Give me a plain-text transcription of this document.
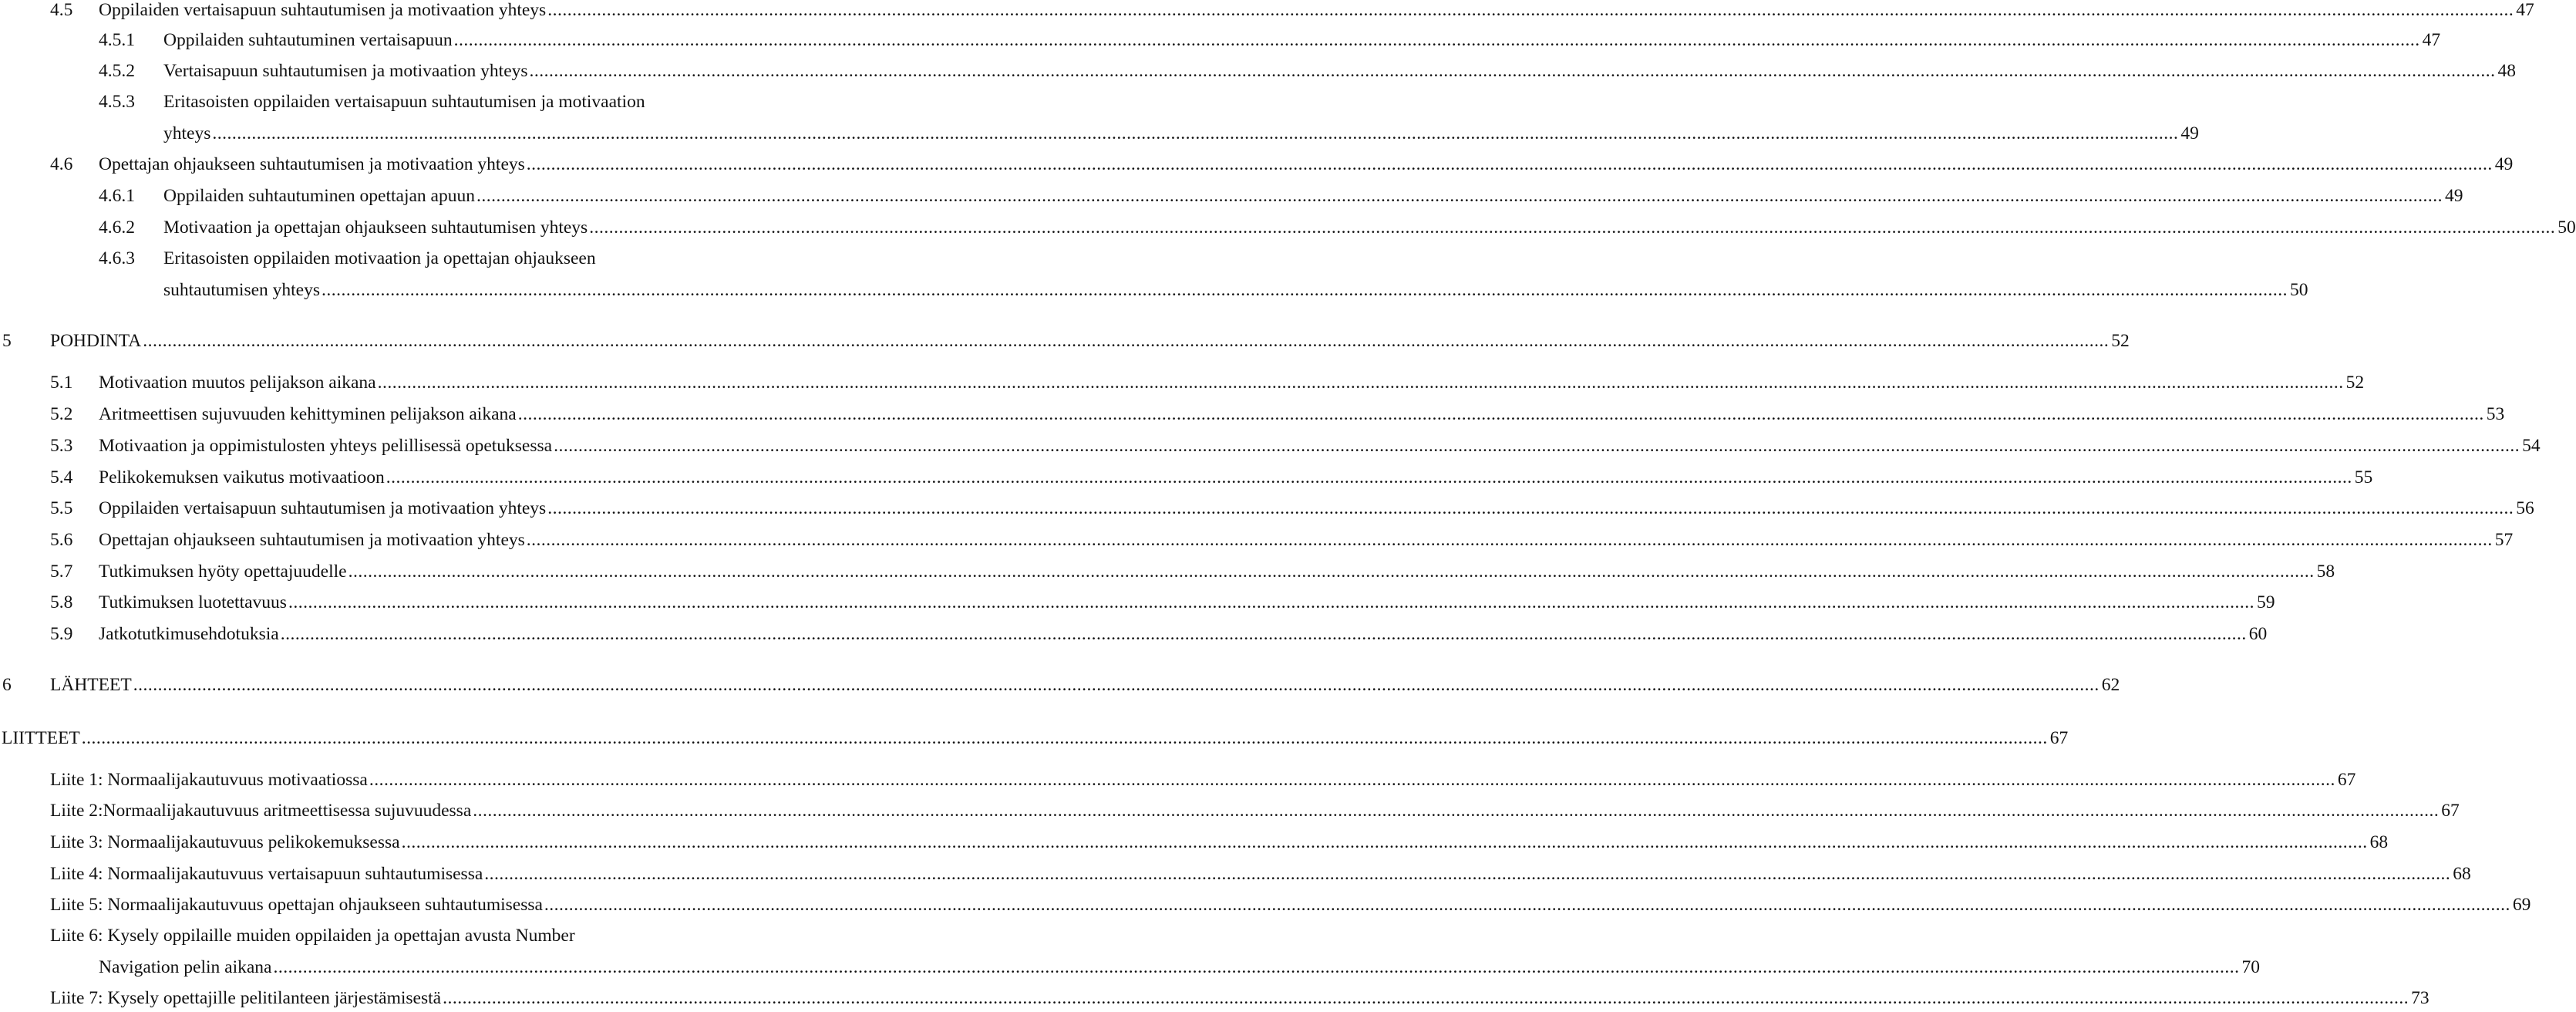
4.5 Oppilaiden vertaisapuun suhtautumisen ja motivaation yhteys ................................................................................................................................................................................................................................................................................................................................................................................................................ 47
4.5.1 Oppilaiden suhtautuminen vertaisapuun ................................................................................................................................................................................................................................................................................................................................................................................................................ 47
4.5.2 Vertaisapuun suhtautumisen ja motivaation yhteys ................................................................................................................................................................................................................................................................................................................................................................................................................ 48
4.5.3 Eritasoisten oppilaiden vertaisapuun suhtautumisen ja motivaation
yhteys ................................................................................................................................................................................................................................................................................................................................................................................................................ 49
4.6 Opettajan ohjaukseen suhtautumisen ja motivaation yhteys ................................................................................................................................................................................................................................................................................................................................................................................................................ 49
4.6.1 Oppilaiden suhtautuminen opettajan apuun ................................................................................................................................................................................................................................................................................................................................................................................................................ 49
4.6.2 Motivaation ja opettajan ohjaukseen suhtautumisen yhteys ................................................................................................................................................................................................................................................................................................................................................................................................................ 50
4.6.3 Eritasoisten oppilaiden motivaation ja opettajan ohjaukseen
suhtautumisen yhteys ................................................................................................................................................................................................................................................................................................................................................................................................................ 50
5 POHDINTA ................................................................................................................................................................................................................................................................................................................................................................................................................ 52
5.1 Motivaation muutos pelijakson aikana ................................................................................................................................................................................................................................................................................................................................................................................................................ 52
5.2 Aritmeettisen sujuvuuden kehittyminen pelijakson aikana ................................................................................................................................................................................................................................................................................................................................................................................................................ 53
5.3 Motivaation ja oppimistulosten yhteys pelillisessä opetuksessa ................................................................................................................................................................................................................................................................................................................................................................................................................ 54
5.4 Pelikokemuksen vaikutus motivaatioon ................................................................................................................................................................................................................................................................................................................................................................................................................ 55
5.5 Oppilaiden vertaisapuun suhtautumisen ja motivaation yhteys ................................................................................................................................................................................................................................................................................................................................................................................................................ 56
5.6 Opettajan ohjaukseen suhtautumisen ja motivaation yhteys ................................................................................................................................................................................................................................................................................................................................................................................................................ 57
5.7 Tutkimuksen hyöty opettajuudelle ................................................................................................................................................................................................................................................................................................................................................................................................................ 58
5.8 Tutkimuksen luotettavuus ................................................................................................................................................................................................................................................................................................................................................................................................................ 59
5.9 Jatkotutkimusehdotuksia ................................................................................................................................................................................................................................................................................................................................................................................................................ 60
6 LÄHTEET ................................................................................................................................................................................................................................................................................................................................................................................................................ 62
LIITTEET ................................................................................................................................................................................................................................................................................................................................................................................................................ 67
Liite 1: Normaalijakautuvuus motivaatiossa ................................................................................................................................................................................................................................................................................................................................................................................................................ 67
Liite 2:Normaalijakautuvuus aritmeettisessa sujuvuudessa ................................................................................................................................................................................................................................................................................................................................................................................................................ 67
Liite 3: Normaalijakautuvuus pelikokemuksessa ................................................................................................................................................................................................................................................................................................................................................................................................................ 68
Liite 4: Normaalijakautuvuus vertaisapuun suhtautumisessa ................................................................................................................................................................................................................................................................................................................................................................................................................ 68
Liite 5: Normaalijakautuvuus opettajan ohjaukseen suhtautumisessa ................................................................................................................................................................................................................................................................................................................................................................................................................ 69
Liite 6: Kysely oppilaille muiden oppilaiden ja opettajan avusta Number
Navigation pelin aikana ................................................................................................................................................................................................................................................................................................................................................................................................................ 70
Liite 7: Kysely opettajille pelitilanteen järjestämisestä ................................................................................................................................................................................................................................................................................................................................................................................................................ 73
